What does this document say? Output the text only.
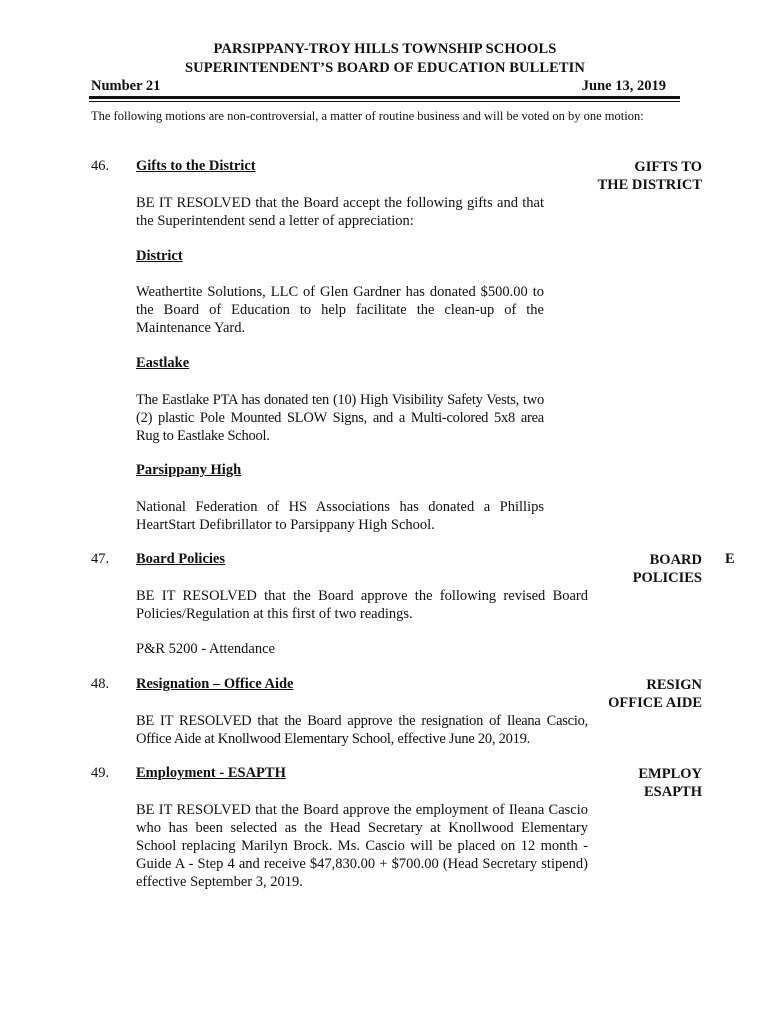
PARSIPPANY-TROY HILLS TOWNSHIP SCHOOLS
SUPERINTENDENT’S BOARD OF EDUCATION BULLETIN
Number 21	June 13, 2019
The following motions are non-controversial, a matter of routine business and will be voted on by one motion:
46. Gifts to the District	GIFTS TO
THE DISTRICT
BE IT RESOLVED that the Board accept the following gifts and that the Superintendent send a letter of appreciation:
District
Weathertite Solutions, LLC of Glen Gardner has donated $500.00 to the Board of Education to help facilitate the clean-up of the Maintenance Yard.
Eastlake
The Eastlake PTA has donated ten (10) High Visibility Safety Vests, two (2) plastic Pole Mounted SLOW Signs, and a Multi-colored 5x8 area Rug to Eastlake School.
Parsippany High
National Federation of HS Associations has donated a Phillips HeartStart Defibrillator to Parsippany High School.
47. Board Policies	BOARD
POLICIES
E
BE IT RESOLVED that the Board approve the following revised Board Policies/Regulation at this first of two readings.
P&R 5200 - Attendance
48. Resignation – Office Aide	RESIGN
OFFICE AIDE
BE IT RESOLVED that the Board approve the resignation of Ileana Cascio, Office Aide at Knollwood Elementary School, effective June 20, 2019.
49. Employment - ESAPTH	EMPLOY
ESAPTH
BE IT RESOLVED that the Board approve the employment of Ileana Cascio who has been selected as the Head Secretary at Knollwood Elementary School replacing Marilyn Brock. Ms. Cascio will be placed on 12 month - Guide A - Step 4 and receive $47,830.00 + $700.00 (Head Secretary stipend) effective September 3, 2019.
